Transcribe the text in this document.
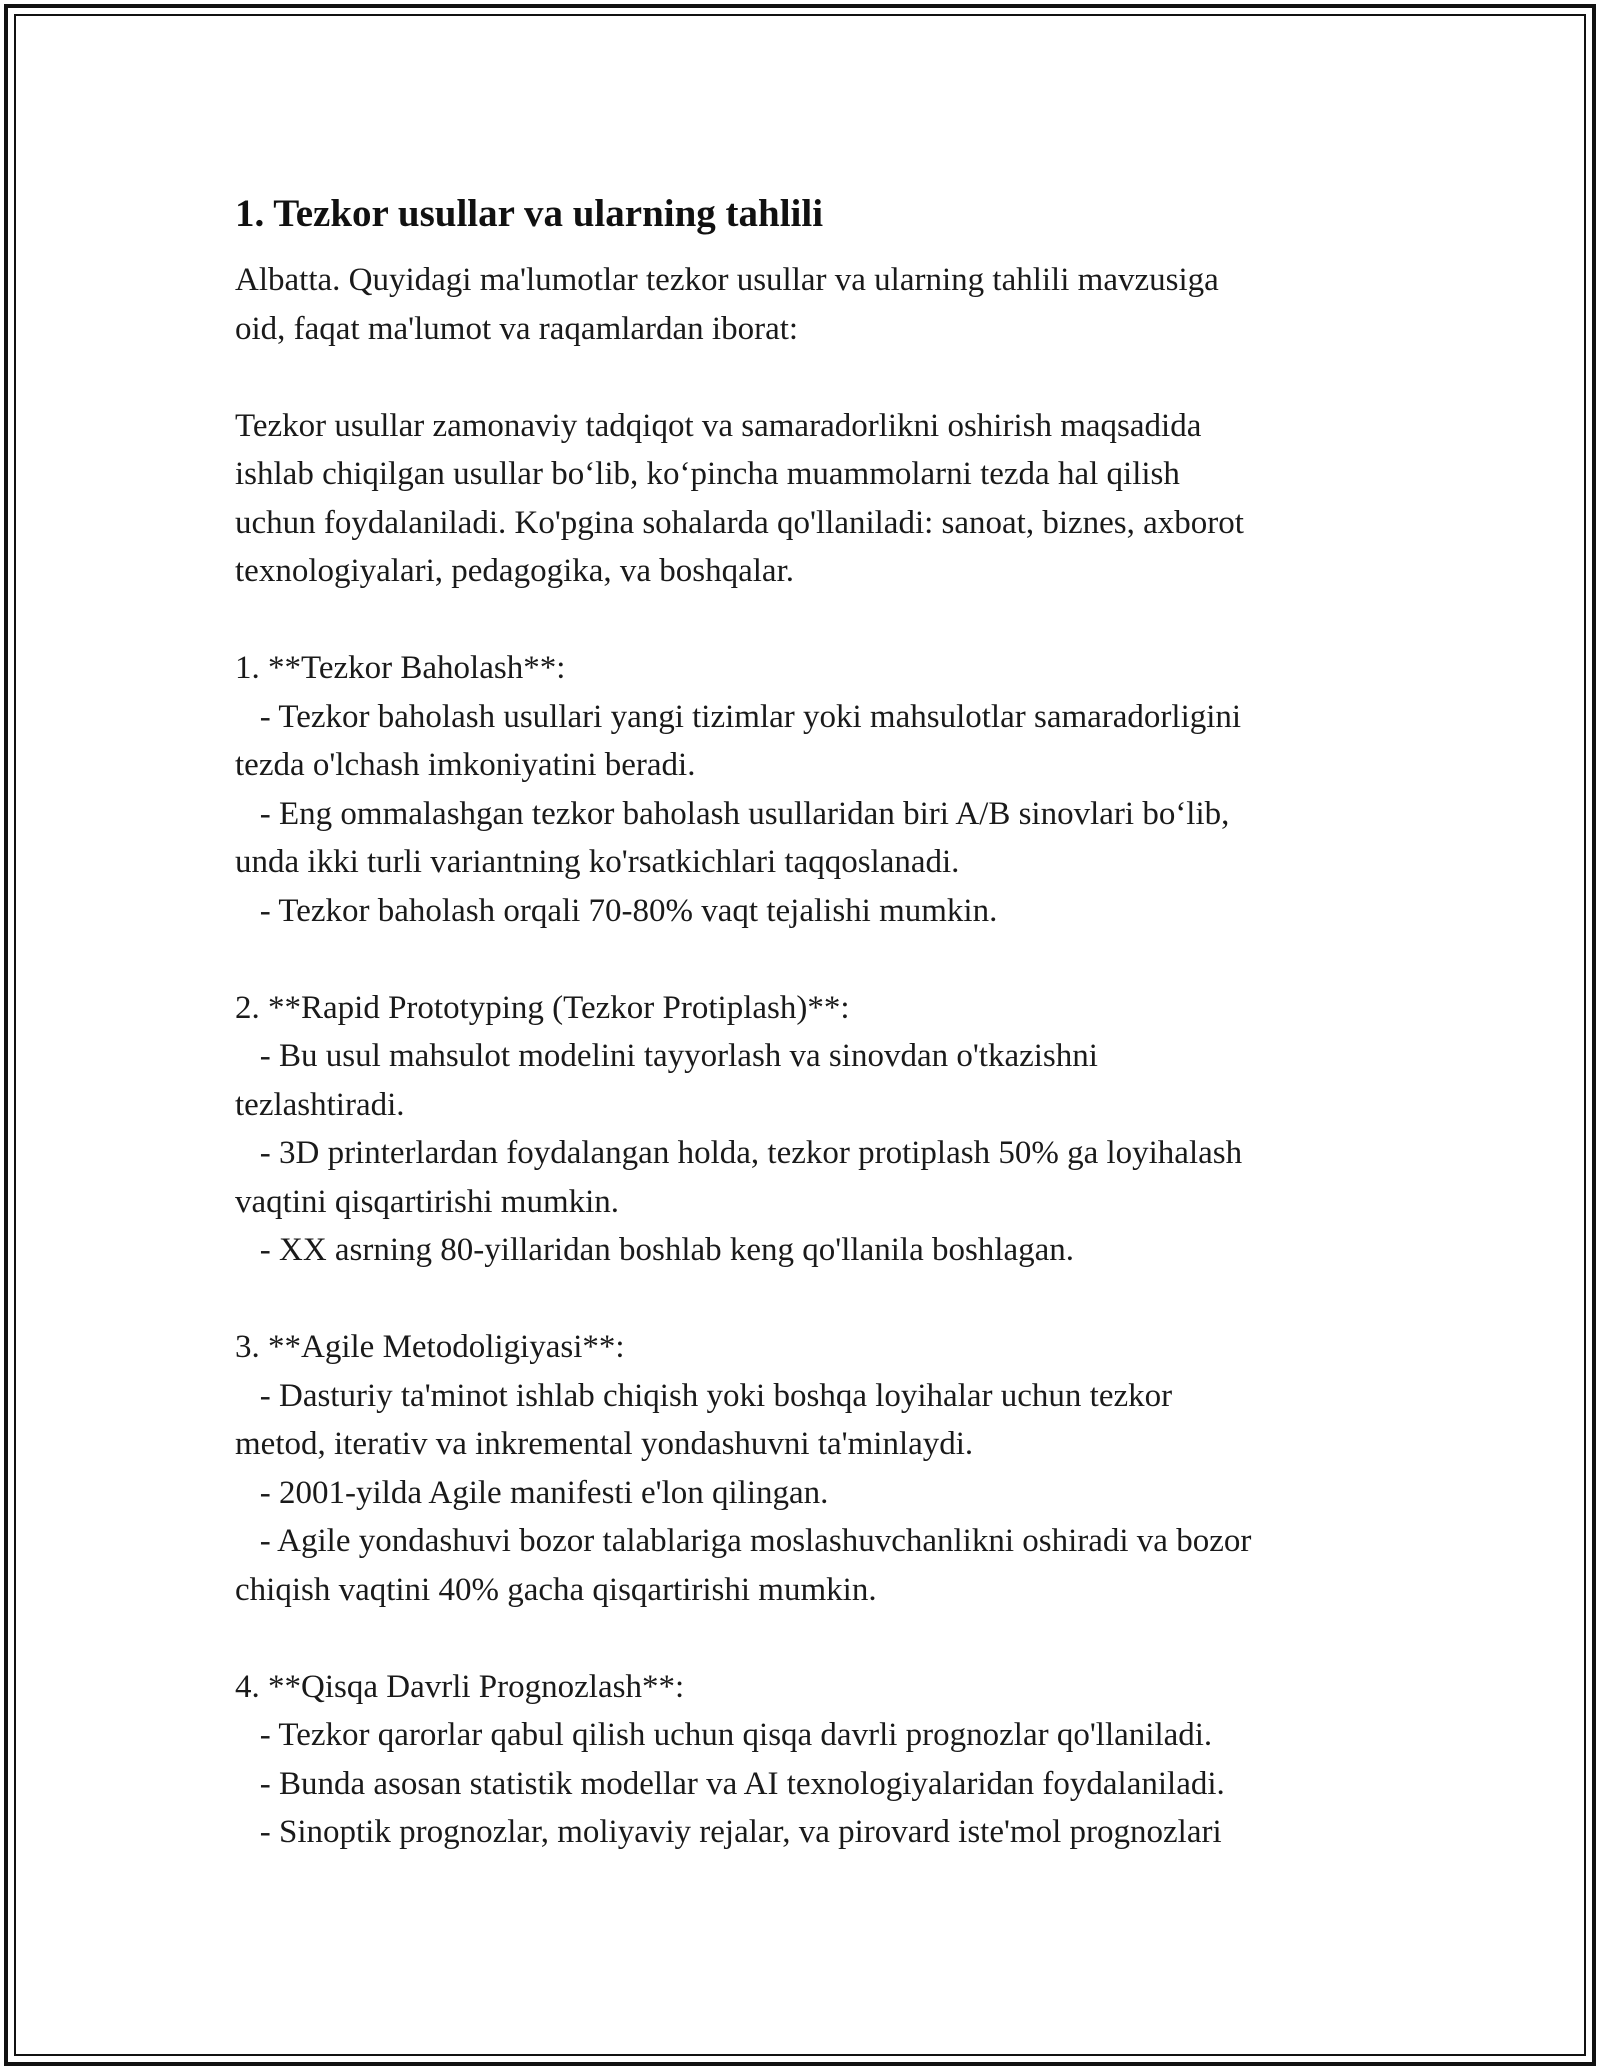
1. Tezkor usullar va ularning tahlili

Albatta. Quyidagi ma'lumotlar tezkor usullar va ularning tahlili mavzusiga
oid, faqat ma'lumot va raqamlardan iborat:

Tezkor usullar zamonaviy tadqiqot va samaradorlikni oshirish maqsadida
ishlab chiqilgan usullar bo‘lib, ko‘pincha muammolarni tezda hal qilish
uchun foydalaniladi. Ko'pgina sohalarda qo'llaniladi: sanoat, biznes, axborot
texnologiyalari, pedagogika, va boshqalar.

1. **Tezkor Baholash**:
- Tezkor baholash usullari yangi tizimlar yoki mahsulotlar samaradorligini
tezda o'lchash imkoniyatini beradi.
- Eng ommalashgan tezkor baholash usullaridan biri A/B sinovlari bo‘lib,
unda ikki turli variantning ko'rsatkichlari taqqoslanadi.
- Tezkor baholash orqali 70-80% vaqt tejalishi mumkin.
2. **Rapid Prototyping (Tezkor Protiplash)**:
- Bu usul mahsulot modelini tayyorlash va sinovdan o'tkazishni
tezlashtiradi.
- 3D printerlardan foydalangan holda, tezkor protiplash 50% ga loyihalash
vaqtini qisqartirishi mumkin.
- XX asrning 80-yillaridan boshlab keng qo'llanila boshlagan.
3. **Agile Metodoligiyasi**:
- Dasturiy ta'minot ishlab chiqish yoki boshqa loyihalar uchun tezkor
metod, iterativ va inkremental yondashuvni ta'minlaydi.
- 2001-yilda Agile manifesti e'lon qilingan.
- Agile yondashuvi bozor talablariga moslashuvchanlikni oshiradi va bozor
chiqish vaqtini 40% gacha qisqartirishi mumkin.
4. **Qisqa Davrli Prognozlash**:
- Tezkor qarorlar qabul qilish uchun qisqa davrli prognozlar qo'llaniladi.
- Bunda asosan statistik modellar va AI texnologiyalaridan foydalaniladi.
- Sinoptik prognozlar, moliyaviy rejalar, va pirovard iste'mol prognozlari
